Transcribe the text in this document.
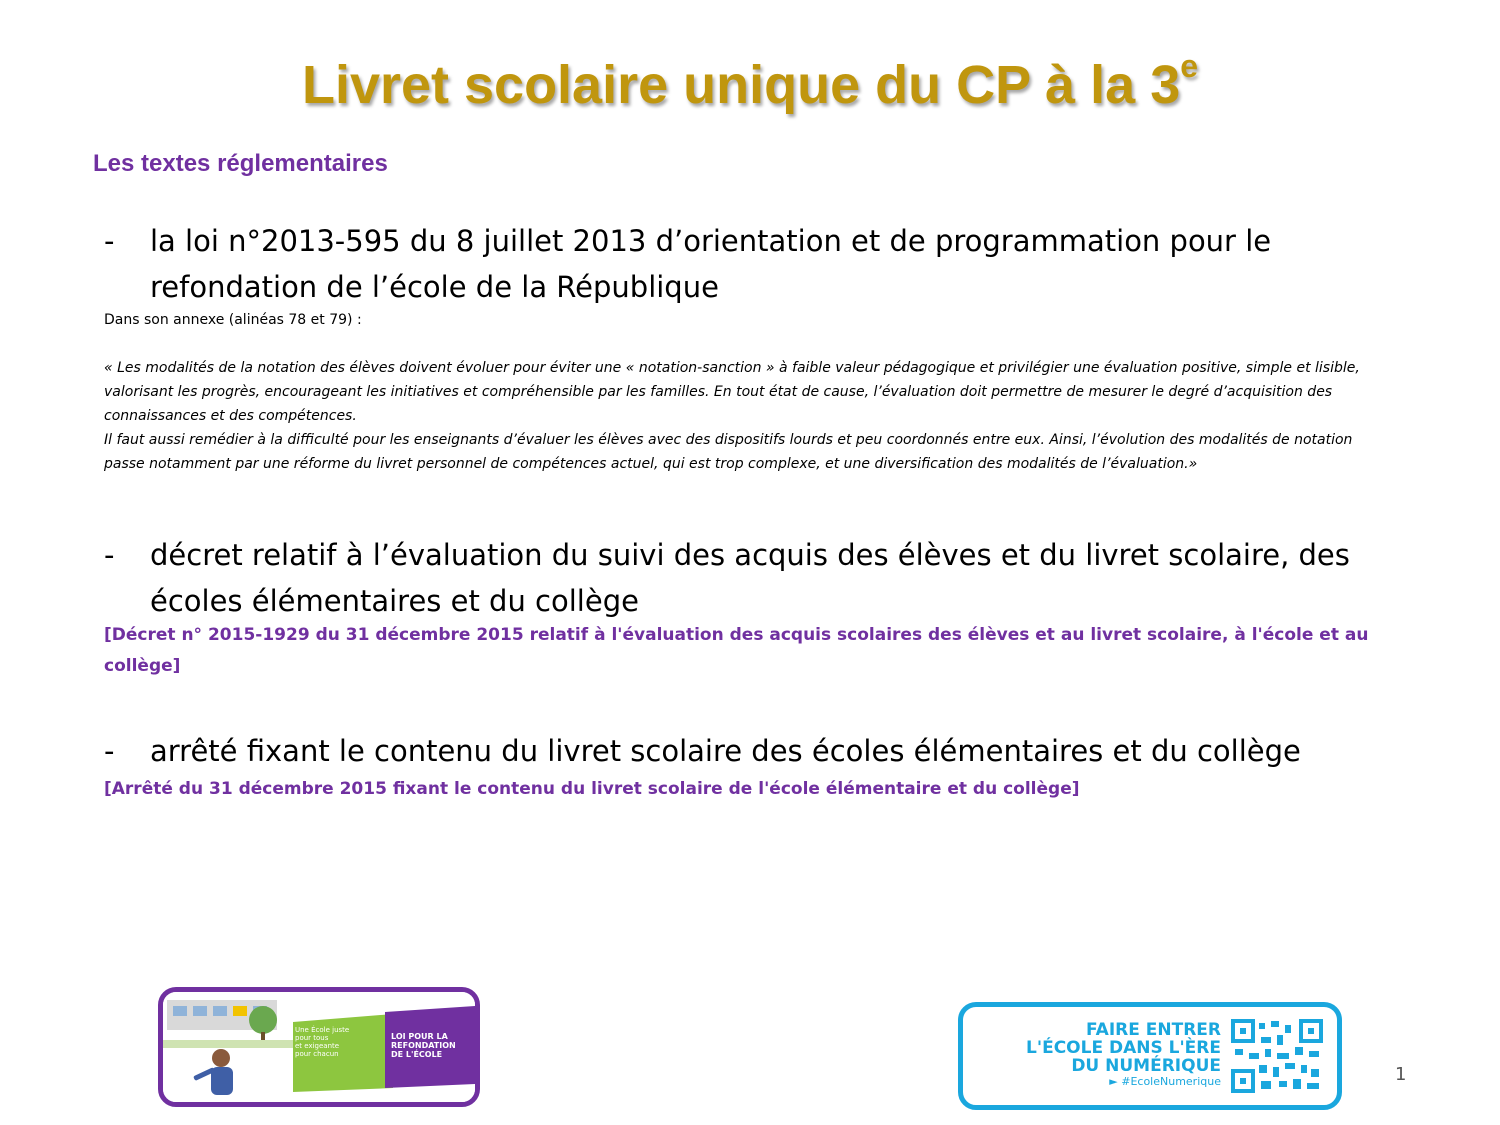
Livret scolaire unique du CP à la 3e
Les textes réglementaires
- la loi n°2013-595 du 8 juillet 2013 d’orientation et de programmation pour le refondation de l’école de la République

Dans son annexe (alinéas 78 et 79) :

« Les modalités de la notation des élèves doivent évoluer pour éviter une « notation-sanction » à faible valeur pédagogique et privilégier une évaluation positive, simple et lisible, valorisant les progrès, encourageant les initiatives et compréhensible par les familles. En tout état de cause, l’évaluation doit permettre de mesurer le degré d’acquisition des connaissances et des compétences.
Il faut aussi remédier à la difficulté pour les enseignants d’évaluer les élèves avec des dispositifs lourds et peu coordonnés entre eux. Ainsi, l’évolution des modalités de notation passe notamment par une réforme du livret personnel de compétences actuel, qui est trop complexe, et une diversification des modalités de l’évaluation.»
- décret relatif à l’évaluation du suivi des acquis des élèves et du livret scolaire, des écoles élémentaires et du collège

[Décret n° 2015-1929 du 31 décembre 2015 relatif à l'évaluation des acquis scolaires des élèves et au livret scolaire, à l'école et au collège]

- arrêté fixant le contenu du livret scolaire des écoles élémentaires et du collège

[Arrêté du 31 décembre 2015 fixant le contenu du livret scolaire de l'école élémentaire et du collège]

Une École juste
pour tous
et exigeante
pour chacun
LOI POUR LA
REFONDATION
DE L'ÉCOLE
FAIRE ENTRER
L'ÉCOLE DANS L'ÈRE
DU NUMÉRIQUE
► #EcoleNumerique	1
